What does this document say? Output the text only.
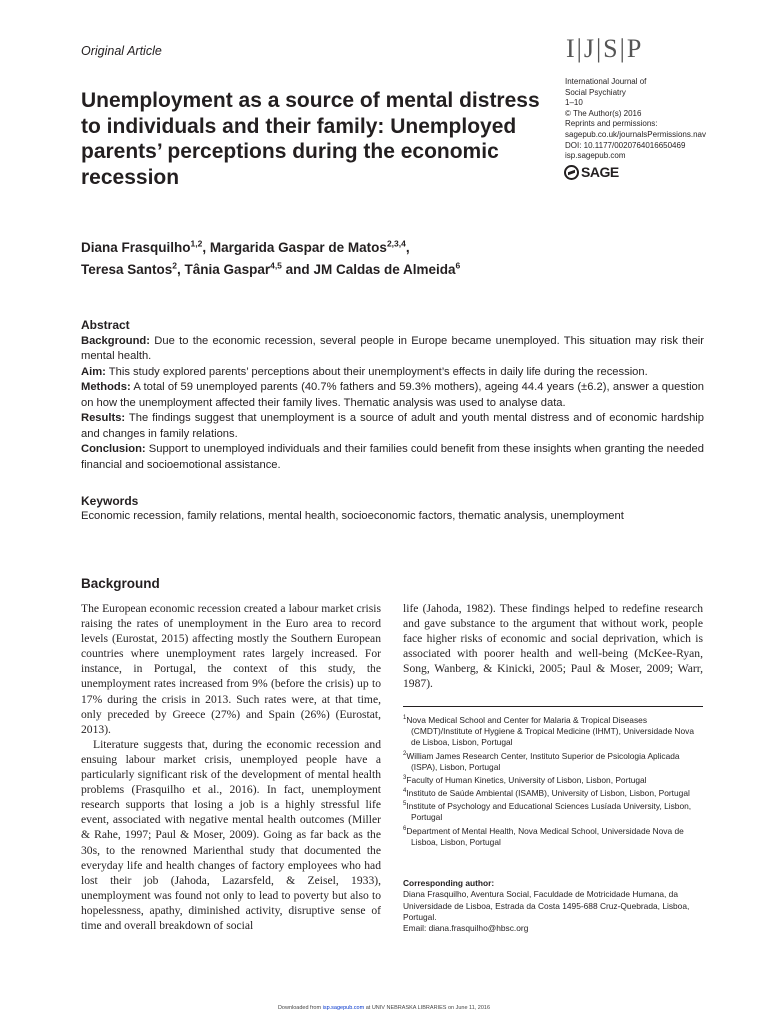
Original Article	I|J|S|P
International Journal of
Social Psychiatry
1–10
© The Author(s) 2016
Reprints and permissions:
sagepub.co.uk/journalsPermissions.nav
DOI: 10.1177/0020764016650469
isp.sagepub.com
SAGE
Unemployment as a source of mental distress to individuals and their family: Unemployed parents’ perceptions during the economic recession
Diana Frasquilho$^{1,2}$, Margarida Gaspar de Matos$^{2,3,4}$,
Teresa Santos$^2$, Tânia Gaspar$^{4,5}$ and JM Caldas de Almeida$^6$

Abstract

Background: Due to the economic recession, several people in Europe became unemployed. This situation may risk their mental health.

Aim: This study explored parents’ perceptions about their unemployment’s effects in daily life during the recession.

Methods: A total of 59 unemployed parents (40.7% fathers and 59.3% mothers), ageing 44.4 years (±6.2), answer a question on how the unemployment affected their family lives. Thematic analysis was used to analyse data.

Results: The findings suggest that unemployment is a source of adult and youth mental distress and of economic hardship and changes in family relations.

Conclusion: Support to unemployed individuals and their families could benefit from these insights when granting the needed financial and socioemotional assistance.

Keywords
Economic recession, family relations, mental health, socioeconomic factors, thematic analysis, unemployment
Background

The European economic recession created a labour market crisis raising the rates of unemployment in the Euro area to record levels (Eurostat, 2015) affecting mostly the Southern European countries where unemployment rates largely increased. For instance, in Portugal, the context of this study, the unemployment rates increased from 9% (before the crisis) up to 17% during the crisis in 2013. Such rates were, at that time, only preceded by Greece (27%) and Spain (26%) (Eurostat, 2013).

Literature suggests that, during the economic recession and ensuing labour market crisis, unemployed people have a particularly significant risk of the development of mental health problems (Frasquilho et al., 2016). In fact, unemployment research supports that losing a job is a highly stressful life event, associated with negative mental health outcomes (Miller & Rahe, 1997; Paul & Moser, 2009). Going as far back as the 30s, to the renowned Marienthal study that documented the everyday life and health changes of factory employees who had lost their job (Jahoda, Lazarsfeld, & Zeisel, 1933), unemployment was found not only to lead to poverty but also to hopelessness, apathy, diminished activity, disruptive sense of time and overall breakdown of social

life (Jahoda, 1982). These findings helped to redefine research and gave substance to the argument that without work, people face higher risks of economic and social deprivation, which is associated with poorer health and well-being (McKee-Ryan, Song, Wanberg, & Kinicki, 2005; Paul & Moser, 2009; Warr, 1987).

$^1$Nova Medical School and Center for Malaria & Tropical Diseases (CMDT)/Institute of Hygiene & Tropical Medicine (IHMT), Universidade Nova de Lisboa, Lisbon, Portugal
$^2$William James Research Center, Instituto Superior de Psicologia Aplicada (ISPA), Lisbon, Portugal
$^3$Faculty of Human Kinetics, University of Lisbon, Lisbon, Portugal
$^4$Instituto de Saúde Ambiental (ISAMB), University of Lisbon, Lisbon, Portugal
$^5$Institute of Psychology and Educational Sciences Lusíada University, Lisbon, Portugal
$^6$Department of Mental Health, Nova Medical School, Universidade Nova de Lisboa, Lisbon, Portugal
Corresponding author:
Diana Frasquilho, Aventura Social, Faculdade de Motricidade Humana, da Universidade de Lisboa, Estrada da Costa 1495-688 Cruz-Quebrada, Lisboa, Portugal.
Email: diana.frasquilho@hbsc.org
Downloaded from isp.sagepub.com at UNIV NEBRASKA LIBRARIES on June 11, 2016
